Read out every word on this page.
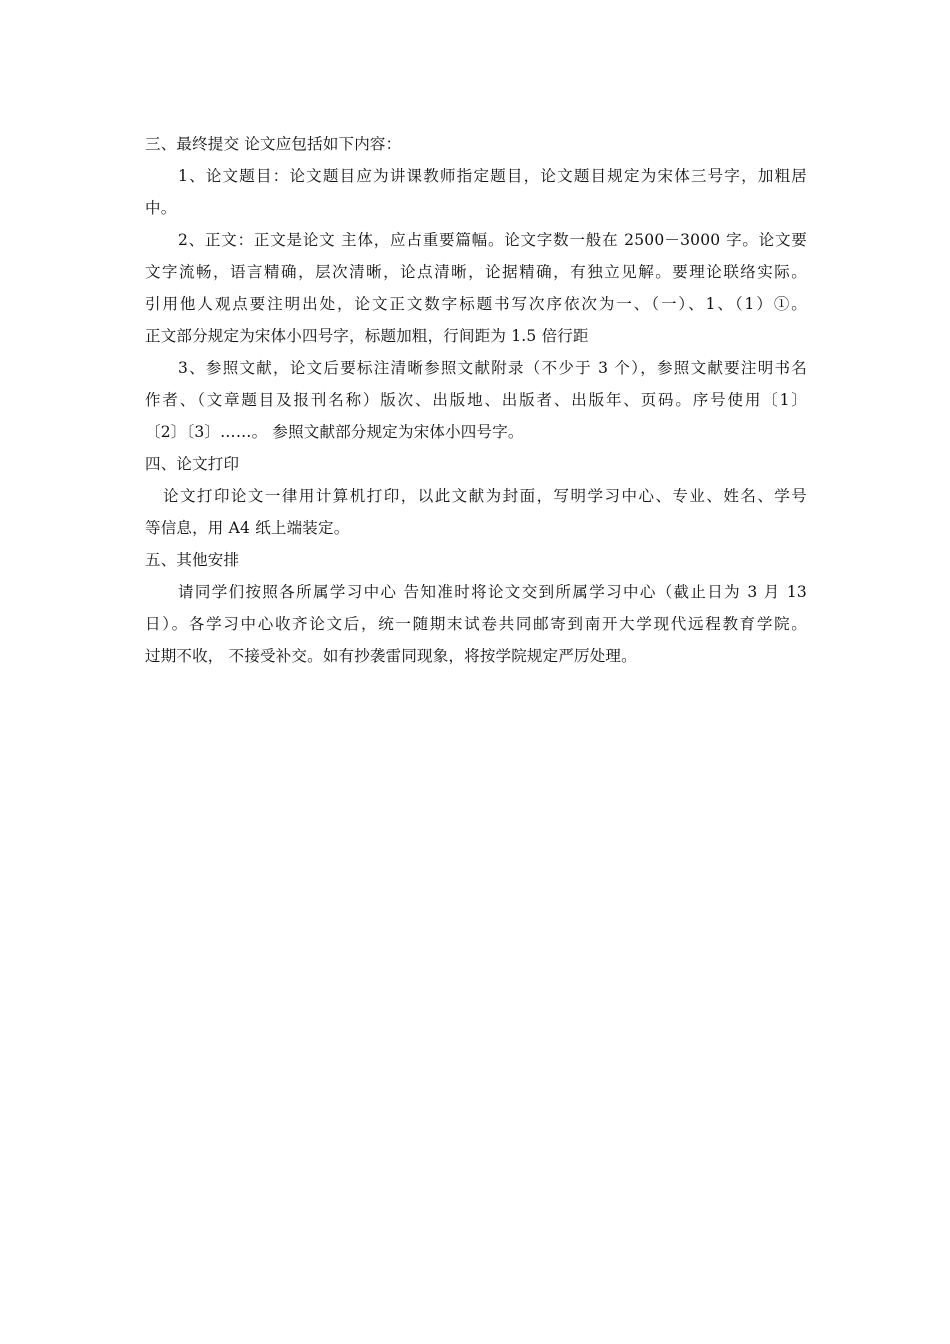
三、最终提交 论文应包括如下内容：

1、论文题目：论文题目应为讲课教师指定题目，论文题目规定为宋体三号字，加粗居
中。

2、正文：正文是论文 主体，应占重要篇幅。论文字数一般在 2500－3000 字。论文要
文字流畅，语言精确，层次清晰，论点清晰，论据精确，有独立见解。要理论联络实际。
引用他人观点要注明出处，论文正文数字标题书写次序依次为一、（一）、1、（1）①。
正文部分规定为宋体小四号字，标题加粗，行间距为 1.5 倍行距

3、参照文献，论文后要标注清晰参照文献附录（不少于 3 个），参照文献要注明书名
作者、（文章题目及报刊名称）版次、出版地、出版者、出版年、页码。序号使用〔1〕
〔2〕〔3〕……。 参照文献部分规定为宋体小四号字。

四、论文打印

论文打印论文一律用计算机打印，以此文献为封面，写明学习中心、专业、姓名、学号
等信息，用 A4 纸上端装定。

五、其他安排

请同学们按照各所属学习中心 告知准时将论文交到所属学习中心（截止日为 3 月 13
日）。各学习中心收齐论文后，统一随期末试卷共同邮寄到南开大学现代远程教育学院。
过期不收， 不接受补交。如有抄袭雷同现象，将按学院规定严厉处理。
